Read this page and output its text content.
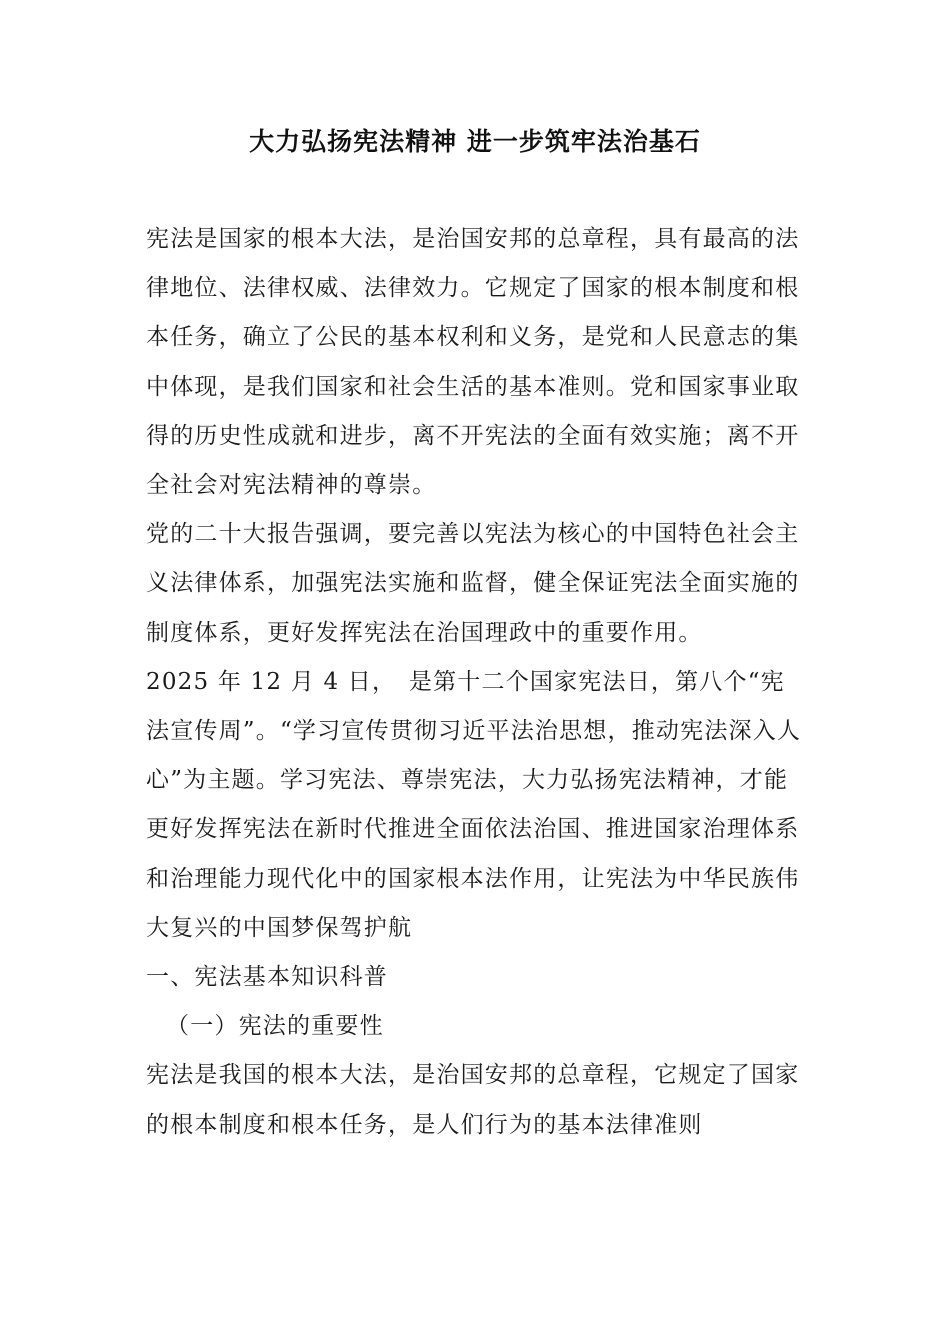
大力弘扬宪法精神 进一步筑牢法治基石

宪法是国家的根本大法，是治国安邦的总章程，具有最高的法律地位、法律权威、法律效力。它规定了国家的根本制度和根本任务，确立了公民的基本权利和义务，是党和人民意志的集中体现，是我们国家和社会生活的基本准则。党和国家事业取得的历史性成就和进步，离不开宪法的全面有效实施；离不开全社会对宪法精神的尊崇。

党的二十大报告强调，要完善以宪法为核心的中国特色社会主义法律体系，加强宪法实施和监督，健全保证宪法全面实施的制度体系，更好发挥宪法在治国理政中的重要作用。

2025 年 12 月 4 日，　是第十二个国家宪法日，第八个“宪法宣传周”。“学习宣传贯彻习近平法治思想，推动宪法深入人心”为主题。学习宪法、尊崇宪法，大力弘扬宪法精神，才能更好发挥宪法在新时代推进全面依法治国、推进国家治理体系和治理能力现代化中的国家根本法作用，让宪法为中华民族伟大复兴的中国梦保驾护航

一、宪法基本知识科普

（一）宪法的重要性

宪法是我国的根本大法，是治国安邦的总章程，它规定了国家的根本制度和根本任务，是人们行为的基本法律准则
